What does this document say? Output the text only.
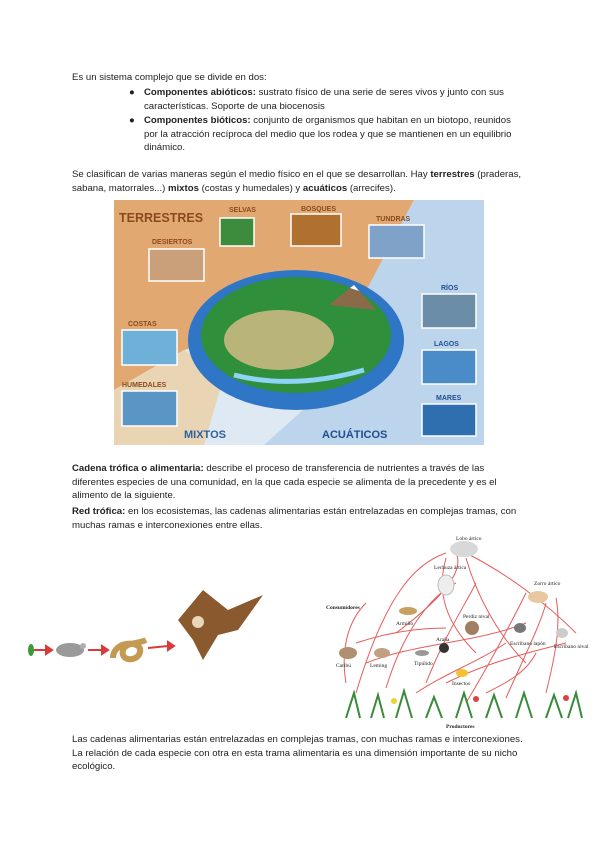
Es un sistema complejo que se divide en dos:

● Componentes abióticos: sustrato físico de una serie de seres vivos y junto con sus características. Soporte de una biocenosis
● Componentes bióticos: conjunto de organismos que habitan en un biotopo, reunidos por la atracción recíproca del medio que los rodea y que se mantienen en un equilibrio dinámico.

Se clasifican de varias maneras según el medio físico en el que se desarrollan. Hay terrestres (praderas, sabana, matorrales...) mixtos (costas y humedales) y acuáticos (arrecifes).

TERRESTRES
SELVAS	BOSQUES
TUNDRAS
DESIERTOS
COSTAS
HUMEDALES
MIXTOS
RÍOS
LAGOS
MARES
ACUÁTICOS

Cadena trófica o alimentaria: describe el proceso de transferencia de nutrientes a través de las diferentes especies de una comunidad, en la que cada especie se alimenta de la precedente y es el alimento de la siguiente.

Red trófica: en los ecosistemas, las cadenas alimentarias están entrelazadas en complejas tramas, con muchas ramas e interconexiones entre ellas.

Lobo ártico
Lechuza ártica
Zorro ártico
Consumidores
Armiño
Perdiz nival
Escribano lapón Escribano nival
Araña
Caribú	Leming	Tipúlido
Insectos
Productores

Las cadenas alimentarias están entrelazadas en complejas tramas, con muchas ramas e interconexiones. La relación de cada especie con otra en esta trama alimentaria es una dimensión importante de su nicho ecológico.
